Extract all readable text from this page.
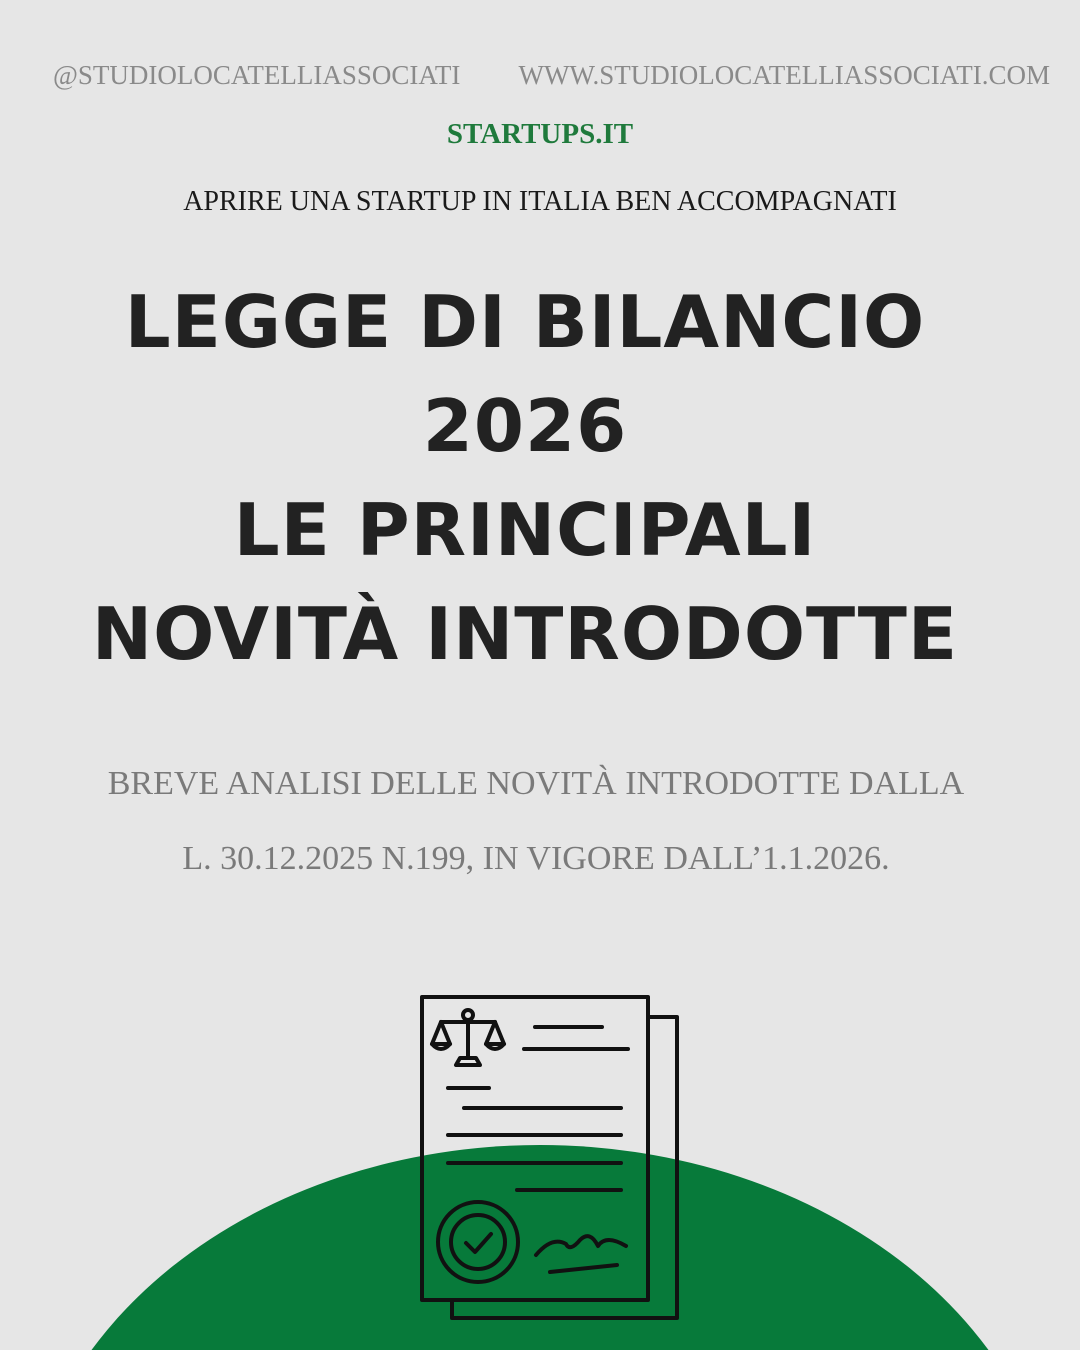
@STUDIOLOCATELLIASSOCIATI WWW.STUDIOLOCATELLIASSOCIATI.COM
STARTUPS.IT
APRIRE UNA STARTUP IN ITALIA BEN ACCOMPAGNATI
LEGGE DI BILANCIO
2026
LE PRINCIPALI
NOVITÀ INTRODOTTE
BREVE ANALISI DELLE NOVITÀ INTRODOTTE DALLA
L. 30.12.2025 N.199, IN VIGORE DALL’1.1.2026.
